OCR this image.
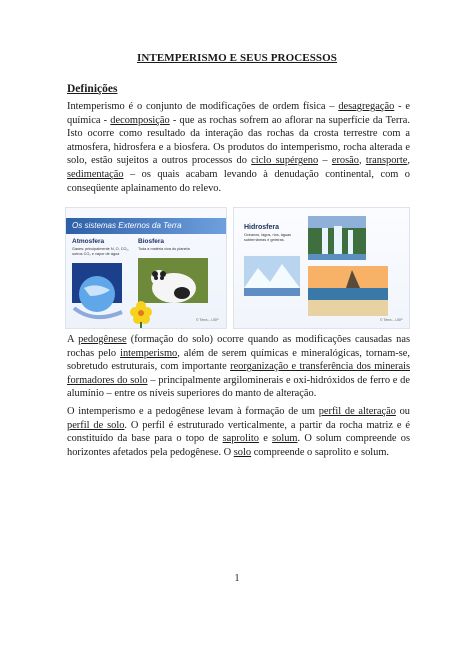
INTEMPERISMO E SEUS PROCESSOS
Definições

Intemperismo é o conjunto de modificações de ordem física – desagregação - e química - decomposição - que as rochas sofrem ao aflorar na superfície da Terra. Isto ocorre como resultado da interação das rochas da crosta terrestre com a atmosfera, hidrosfera e a biosfera. Os produtos do intemperismo, rocha alterada e solo, estão sujeitos a outros processos do ciclo supérgeno – erosão, transporte, sedimentação – os quais acabam levando à denudação continental, com o conseqüente aplainamento do relevo.

Os sistemas Externos da Terra
Atmosfera	Biosfera
Gases: principalmente N, O, CO₂, outros CO₂ e vapor de água
Toda a matéria viva do planeta
© Terra – USP
Hidrosfera
Oceanos, lagos, rios, águas subterrâneas e geleiras.
© Terra – USP

A pedogênese (formação do solo) ocorre quando as modificações causadas nas rochas pelo intemperismo, além de serem químicas e mineralógicas, tornam-se, sobretudo estruturais, com importante reorganização e transferência dos minerais formadores do solo – principalmente argilominerais e oxi-hidróxidos de ferro e de alumínio – entre os níveis superiores do manto de alteração.

O intemperismo e a pedogênese levam à formação de um perfil de alteração ou perfil de solo. O perfil é estruturado verticalmente, a partir da rocha matriz e é constituído da base para o topo de saprolito e solum. O solum compreende os horizontes afetados pela pedogênese. O solo compreende o saprolito e solum.

1
